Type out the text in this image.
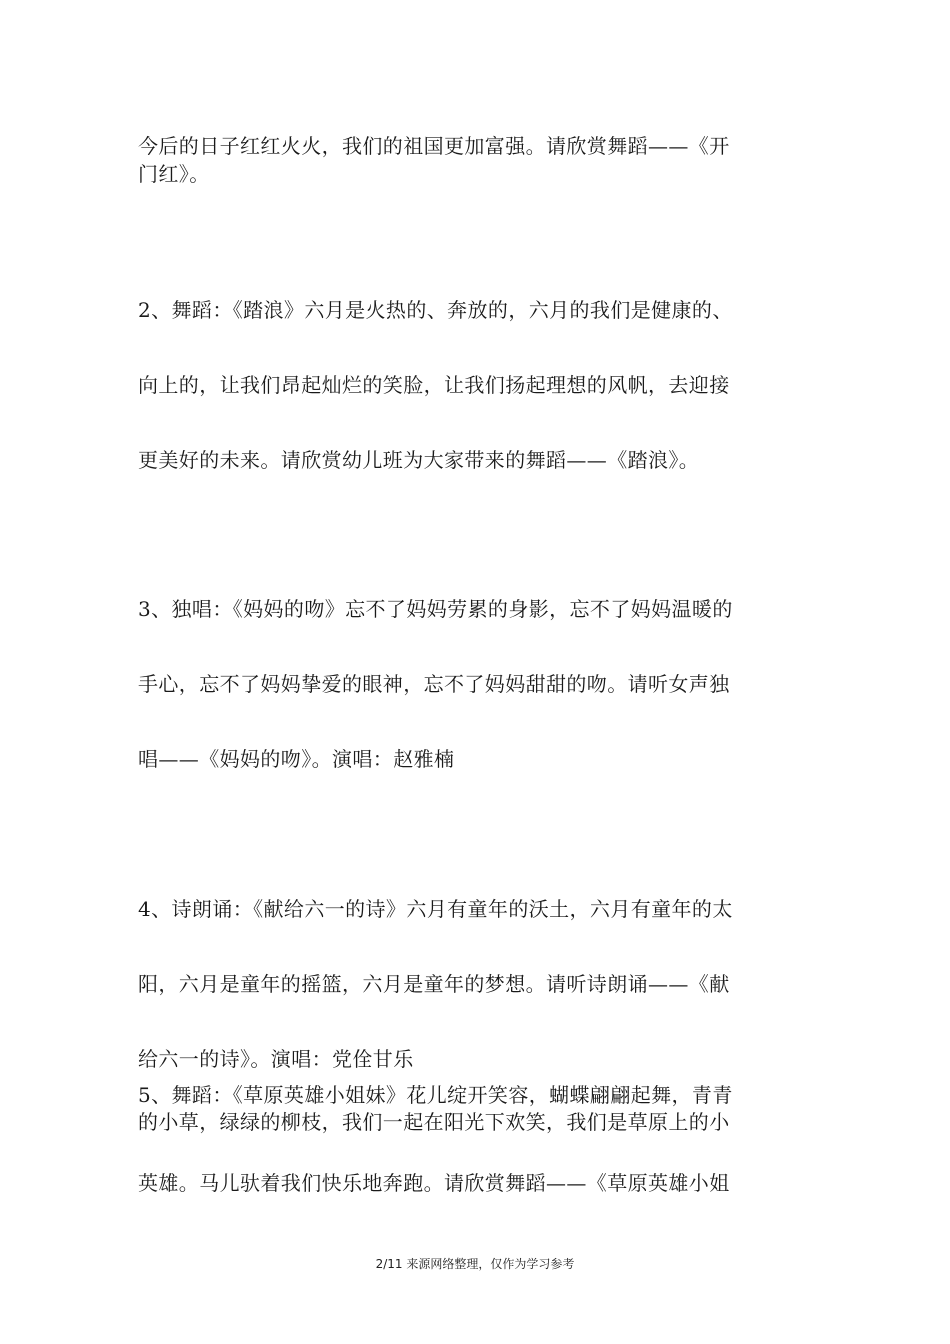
今后的日子红红火火，我们的祖国更加富强。请欣赏舞蹈——《开
门红》。
2、舞蹈：《踏浪》六月是火热的、奔放的，六月的我们是健康的、
向上的，让我们昂起灿烂的笑脸，让我们扬起理想的风帆，去迎接
更美好的未来。请欣赏幼儿班为大家带来的舞蹈——《踏浪》。
3、独唱：《妈妈的吻》忘不了妈妈劳累的身影，忘不了妈妈温暖的
手心，忘不了妈妈挚爱的眼神，忘不了妈妈甜甜的吻。请听女声独
唱——《妈妈的吻》。演唱：赵雅楠
4、诗朗诵：《献给六一的诗》六月有童年的沃土，六月有童年的太
阳，六月是童年的摇篮，六月是童年的梦想。请听诗朗诵——《献
给六一的诗》。演唱：党佺甘乐
5、舞蹈：《草原英雄小姐妹》花儿绽开笑容，蝴蝶翩翩起舞，青青
的小草，绿绿的柳枝，我们一起在阳光下欢笑，我们是草原上的小
英雄。马儿驮着我们快乐地奔跑。请欣赏舞蹈——《草原英雄小姐
2/11 来源网络整理，仅作为学习参考
